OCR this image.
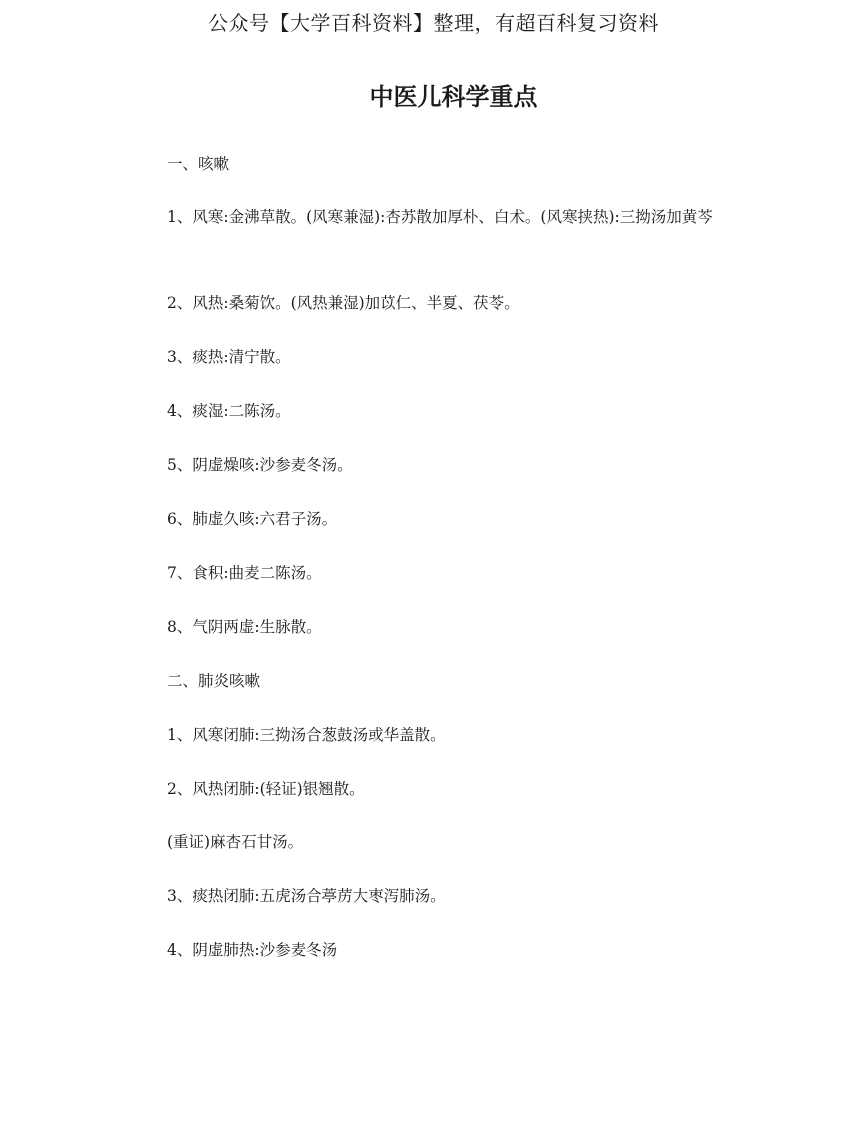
公众号【大学百科资料】整理，有超百科复习资料
中医儿科学重点
一、咳嗽
1、风寒:金沸草散。(风寒兼湿):杏苏散加厚朴、白术。(风寒挟热):三拗汤加黄芩
2、风热:桑菊饮。(风热兼湿)加苡仁、半夏、茯苓。
3、痰热:清宁散。
4、痰湿:二陈汤。
5、阴虚燥咳:沙参麦冬汤。
6、肺虚久咳:六君子汤。
7、食积:曲麦二陈汤。
8、气阴两虚:生脉散。
二、肺炎咳嗽
1、风寒闭肺:三拗汤合葱鼓汤或华盖散。
2、风热闭肺:(轻证)银翘散。
(重证)麻杏石甘汤。
3、痰热闭肺:五虎汤合葶苈大枣泻肺汤。
4、阴虚肺热:沙参麦冬汤
